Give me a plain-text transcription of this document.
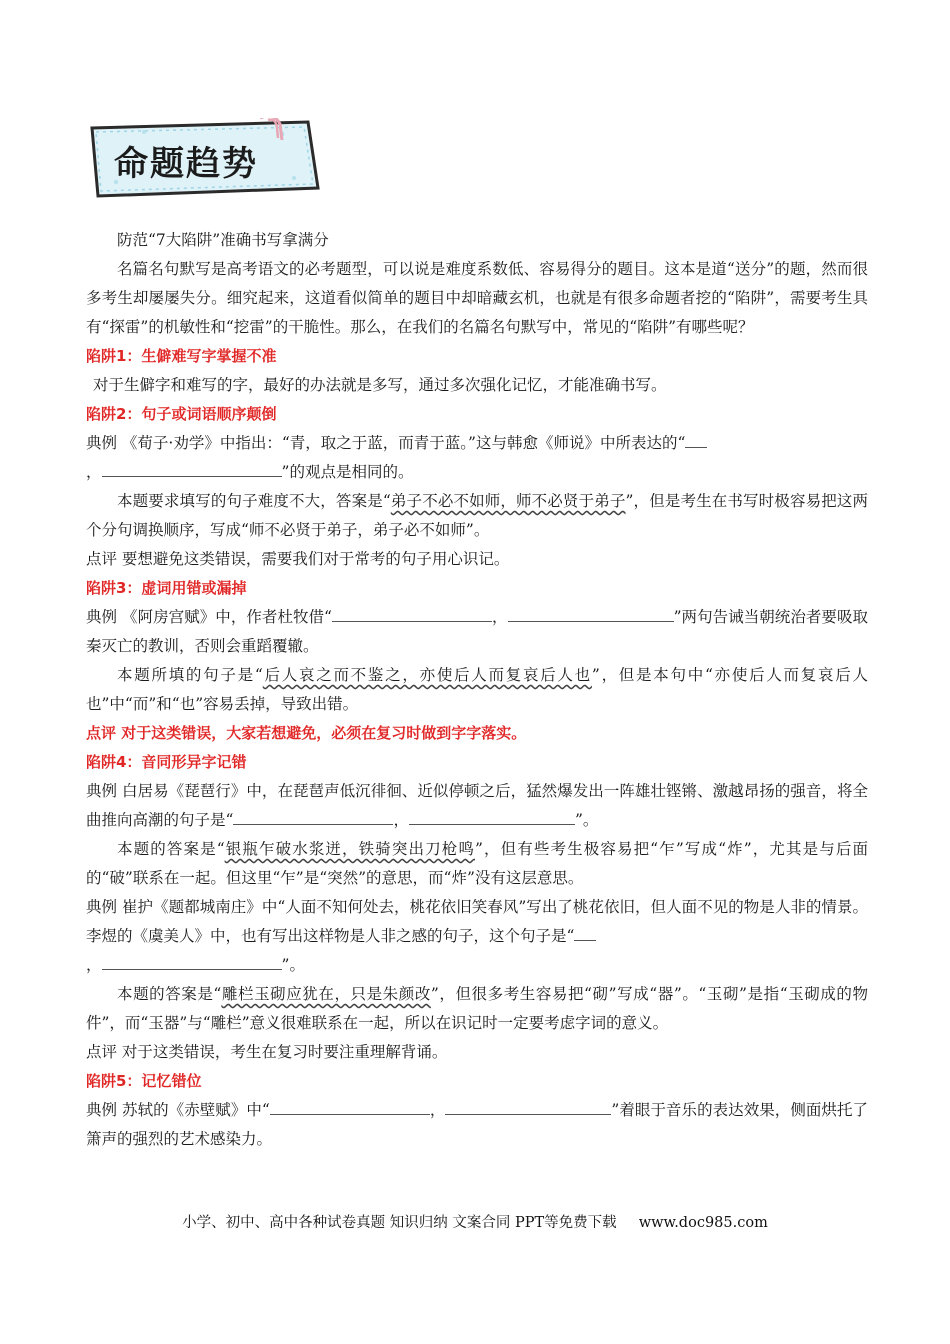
命题趋势

防范“7大陷阱”准确书写拿满分

名篇名句默写是高考语文的必考题型，可以说是难度系数低、容易得分的题目。这本是道“送分”的题，然而很多考生却屡屡失分。细究起来，这道看似简单的题目中却暗藏玄机，也就是有很多命题者挖的“陷阱”，需要考生具有“探雷”的机敏性和“挖雷”的干脆性。那么，在我们的名篇名句默写中，常见的“陷阱”有哪些呢？

陷阱1：生僻难写字掌握不准

对于生僻字和难写的字，最好的办法就是多写，通过多次强化记忆，才能准确书写。

陷阱2：句子或词语顺序颠倒

典例 《荀子·劝学》中指出：“青，取之于蓝，而青于蓝。”这与韩愈《师说》中所表达的“
，	”的观点是相同的。

本题要求填写的句子难度不大，答案是“弟子不必不如师，师不必贤于弟子”，但是考生在书写时极容易把这两个分句调换顺序，写成“师不必贤于弟子，弟子必不如师”。

点评 要想避免这类错误，需要我们对于常考的句子用心识记。

陷阱3：虚词用错或漏掉

典例 《阿房宫赋》中，作者杜牧借“	，	”两句告诫当朝统治者要吸取秦灭亡的教训，否则会重蹈覆辙。

本题所填的句子是“后人哀之而不鉴之，亦使后人而复哀后人也”，但是本句中“亦使后人而复哀后人也”中“而”和“也”容易丢掉，导致出错。

点评 对于这类错误，大家若想避免，必须在复习时做到字字落实。

陷阱4：音同形异字记错

典例 白居易《琵琶行》中，在琵琶声低沉徘徊、近似停顿之后，猛然爆发出一阵雄壮铿锵、激越昂扬的强音，将全曲推向高潮的句子是“	，	”。

本题的答案是“银瓶乍破水浆迸，铁骑突出刀枪鸣”，但有些考生极容易把“乍”写成“炸”，尤其是与后面的“破”联系在一起。但这里“乍”是“突然”的意思，而“炸”没有这层意思。

典例 崔护《题都城南庄》中“人面不知何处去，桃花依旧笑春风”写出了桃花依旧，但人面不见的物是人非的情景。李煜的《虞美人》中，也有写出这样物是人非之感的句子，这个句子是“
，	”。

本题的答案是“雕栏玉砌应犹在，只是朱颜改”，但很多考生容易把“砌”写成“器”。“玉砌”是指“玉砌成的物件”，而“玉器”与“雕栏”意义很难联系在一起，所以在识记时一定要考虑字词的意义。

点评 对于这类错误，考生在复习时要注重理解背诵。

陷阱5：记忆错位

典例 苏轼的《赤壁赋》中“	，	”着眼于音乐的表达效果，侧面烘托了箫声的强烈的艺术感染力。

小学、初中、高中各种试卷真题 知识归纳 文案合同 PPT等免费下载 www.doc985.com
